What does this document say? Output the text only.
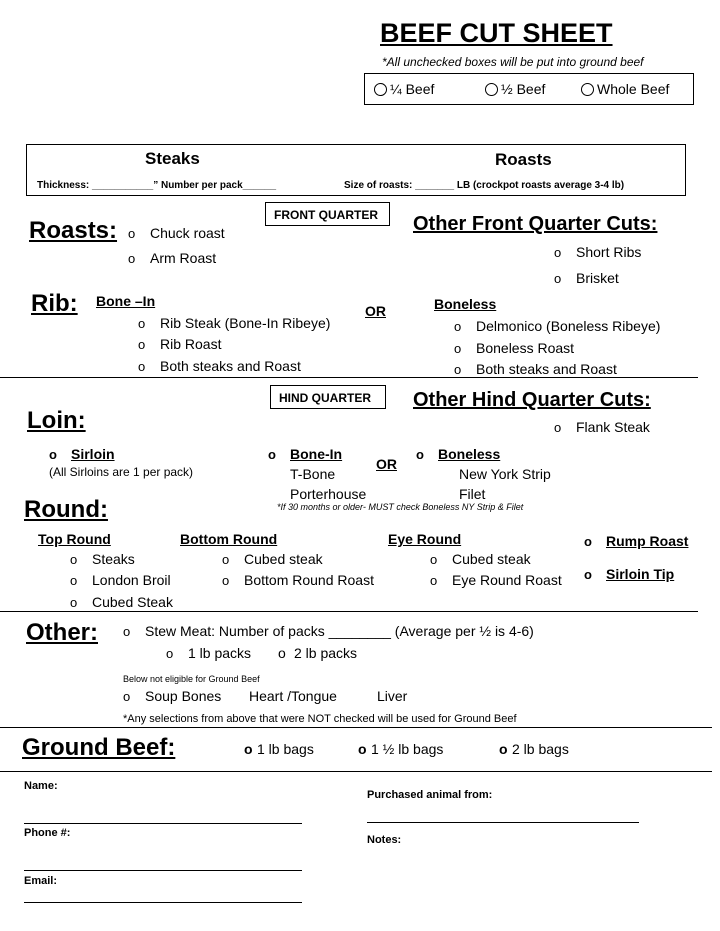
BEEF CUT SHEET
*All unchecked boxes will be put into ground beef
¼ Beef	½ Beef	Whole Beef
Steaks	Roasts
Thickness: ___________” Number per pack______	Size of roasts: _______ LB (crockpot roasts average 3-4 lb)
FRONT QUARTER
Roasts:	o Chuck roast
o Arm Roast
Other Front Quarter Cuts:
o Short Ribs
o Brisket
Rib: Bone –In
o Rib Steak (Bone-In Ribeye)
o Rib Roast
o Both steaks and Roast
OR	Boneless
o Delmonico (Boneless Ribeye)
o Boneless Roast
o Both steaks and Roast
HIND QUARTER Other Hind Quarter Cuts:
o Flank Steak
Loin:
o Sirloin
(All Sirloins are 1 per pack)
o Bone-In
T-Bone
Porterhouse
OR
o Boneless
New York Strip
Filet
*If 30 months or older- MUST check Boneless NY Strip & Filet
Round:
Top Round
o Steaks
o London Broil
o Cubed Steak
Bottom Round
o Cubed steak
o Bottom Round Roast
Eye Round
o Cubed steak
o Eye Round Roast
o Rump Roast
o Sirloin Tip
Other:	o Stew Meat: Number of packs ________ (Average per ½ is 4-6)
o 1 lb packs o 2 lb packs
Below not eligible for Ground Beef
o Soup Bones Heart /Tongue	Liver
*Any selections from above that were NOT checked will be used for Ground Beef
Ground Beef:	o 1 lb bags	o 1 ½ lb bags	o 2 lb bags
Name:
Phone #:
Email:
Purchased animal from:
Notes:
